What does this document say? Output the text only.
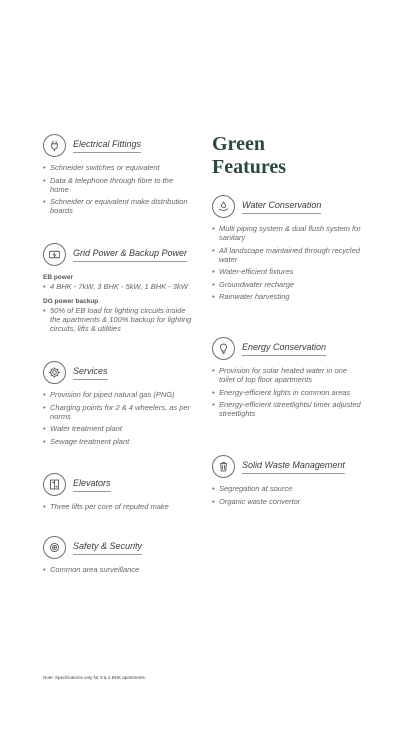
Electrical Fittings
• Schneider switches or equivalent
• Data & telephone through fibre to the home
• Schneider or equivalent make distribution boards
Grid Power & Backup Power
EB power
• 4 BHK - 7kW, 3 BHK - 5kW, 1 BHK - 3kW
DG power backup
• 50% of EB load for lighting circuits inside the apartments & 100% backup for lighting circuits, lifts & utilities
Services
• Provision for piped natural gas (PNG)
• Charging points for 2 & 4 wheelers, as per norms
• Water treatment plant
• Sewage treatment plant
Elevators
• Three lifts per core of reputed make
Safety & Security
• Common area surveillance
Green
Features
Water Conservation
• Multi piping system & dual flush system for sanitary
• All landscape maintained through recycled water
• Water-efficient fixtures
• Groundwater recharge
• Rainwater harvesting
Energy Conservation
• Provision for solar heated water in one toilet of top floor apartments
• Energy-efficient lights in common areas
• Energy-efficient streetlights/ timer adjusted streetlights
Solid Waste Management
• Segregation at source
• Organic waste convertor
Note: Specifications only for 3 & 4 BHK apartments.
